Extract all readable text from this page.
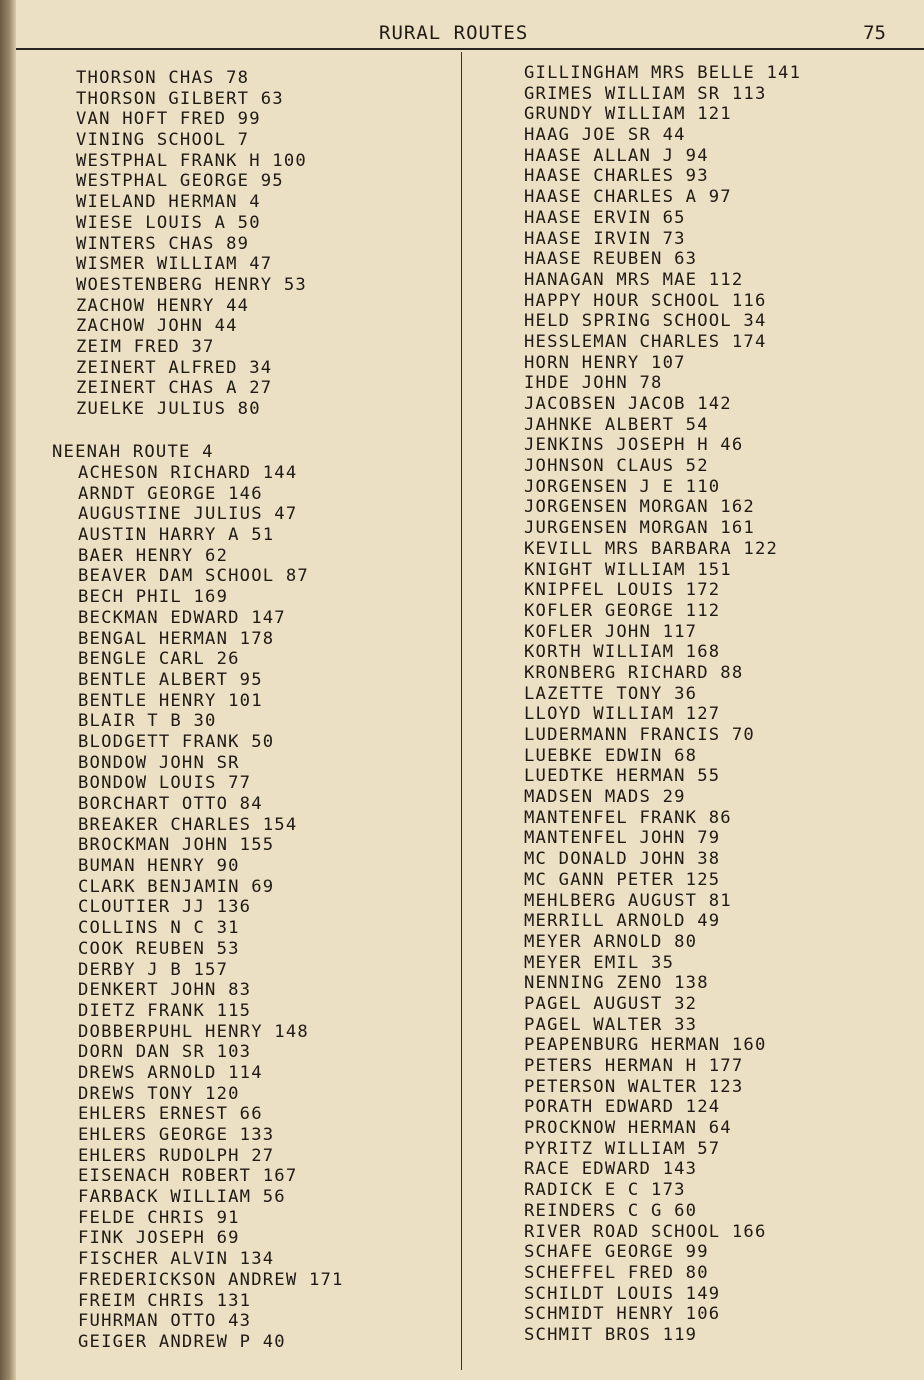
RURAL ROUTES	75
THORSON CHAS 78
THORSON GILBERT 63
VAN HOFT FRED 99
VINING SCHOOL 7
WESTPHAL FRANK H 100
WESTPHAL GEORGE 95
WIELAND HERMAN 4
WIESE LOUIS A 50
WINTERS CHAS 89
WISMER WILLIAM 47
WOESTENBERG HENRY 53
ZACHOW HENRY 44
ZACHOW JOHN 44
ZEIM FRED 37
ZEINERT ALFRED 34
ZEINERT CHAS A 27
ZUELKE JULIUS 80
NEENAH ROUTE 4
ACHESON RICHARD 144
ARNDT GEORGE 146
AUGUSTINE JULIUS 47
AUSTIN HARRY A 51
BAER HENRY 62
BEAVER DAM SCHOOL 87
BECH PHIL 169
BECKMAN EDWARD 147
BENGAL HERMAN 178
BENGLE CARL 26
BENTLE ALBERT 95
BENTLE HENRY 101
BLAIR T B 30
BLODGETT FRANK 50
BONDOW JOHN SR
BONDOW LOUIS 77
BORCHART OTTO 84
BREAKER CHARLES 154
BROCKMAN JOHN 155
BUMAN HENRY 90
CLARK BENJAMIN 69
CLOUTIER JJ 136
COLLINS N C 31
COOK REUBEN 53
DERBY J B 157
DENKERT JOHN 83
DIETZ FRANK 115
DOBBERPUHL HENRY 148
DORN DAN SR 103
DREWS ARNOLD 114
DREWS TONY 120
EHLERS ERNEST 66
EHLERS GEORGE 133
EHLERS RUDOLPH 27
EISENACH ROBERT 167
FARBACK WILLIAM 56
FELDE CHRIS 91
FINK JOSEPH 69
FISCHER ALVIN 134
FREDERICKSON ANDREW 171
FREIM CHRIS 131
FUHRMAN OTTO 43
GEIGER ANDREW P 40
GILLINGHAM MRS BELLE 141
GRIMES WILLIAM SR 113
GRUNDY WILLIAM 121
HAAG JOE SR 44
HAASE ALLAN J 94
HAASE CHARLES 93
HAASE CHARLES A 97
HAASE ERVIN 65
HAASE IRVIN 73
HAASE REUBEN 63
HANAGAN MRS MAE 112
HAPPY HOUR SCHOOL 116
HELD SPRING SCHOOL 34
HESSLEMAN CHARLES 174
HORN HENRY 107
IHDE JOHN 78
JACOBSEN JACOB 142
JAHNKE ALBERT 54
JENKINS JOSEPH H 46
JOHNSON CLAUS 52
JORGENSEN J E 110
JORGENSEN MORGAN 162
JURGENSEN MORGAN 161
KEVILL MRS BARBARA 122
KNIGHT WILLIAM 151
KNIPFEL LOUIS 172
KOFLER GEORGE 112
KOFLER JOHN 117
KORTH WILLIAM 168
KRONBERG RICHARD 88
LAZETTE TONY 36
LLOYD WILLIAM 127
LUDERMANN FRANCIS 70
LUEBKE EDWIN 68
LUEDTKE HERMAN 55
MADSEN MADS 29
MANTENFEL FRANK 86
MANTENFEL JOHN 79
MC DONALD JOHN 38
MC GANN PETER 125
MEHLBERG AUGUST 81
MERRILL ARNOLD 49
MEYER ARNOLD 80
MEYER EMIL 35
NENNING ZENO 138
PAGEL AUGUST 32
PAGEL WALTER 33
PEAPENBURG HERMAN 160
PETERS HERMAN H 177
PETERSON WALTER 123
PORATH EDWARD 124
PROCKNOW HERMAN 64
PYRITZ WILLIAM 57
RACE EDWARD 143
RADICK E C 173
REINDERS C G 60
RIVER ROAD SCHOOL 166
SCHAFE GEORGE 99
SCHEFFEL FRED 80
SCHILDT LOUIS 149
SCHMIDT HENRY 106
SCHMIT BROS 119
